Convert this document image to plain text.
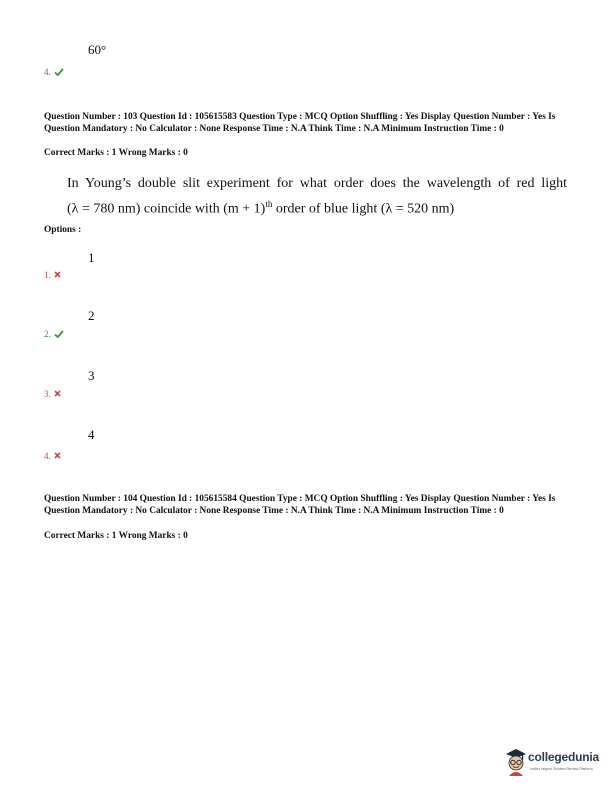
60°
4.
Question Number : 103 Question Id : 105615583 Question Type : MCQ Option Shuffling : Yes Display Question Number : Yes Is Question Mandatory : No Calculator : None Response Time : N.A Think Time : N.A Minimum Instruction Time : 0
Correct Marks : 1 Wrong Marks : 0
In Young’s double slit experiment for what order does the wavelength of red light
(λ = 780 nm) coincide with $(m + 1)^{th}$ order of blue light (λ = 520 nm)
Options :
1
1.
2
2.
3
3.
4
4.
Question Number : 104 Question Id : 105615584 Question Type : MCQ Option Shuffling : Yes Display Question Number : Yes Is Question Mandatory : No Calculator : None Response Time : N.A Think Time : N.A Minimum Instruction Time : 0
Correct Marks : 1 Wrong Marks : 0
collegedunia
India's largest Student Review Platform
